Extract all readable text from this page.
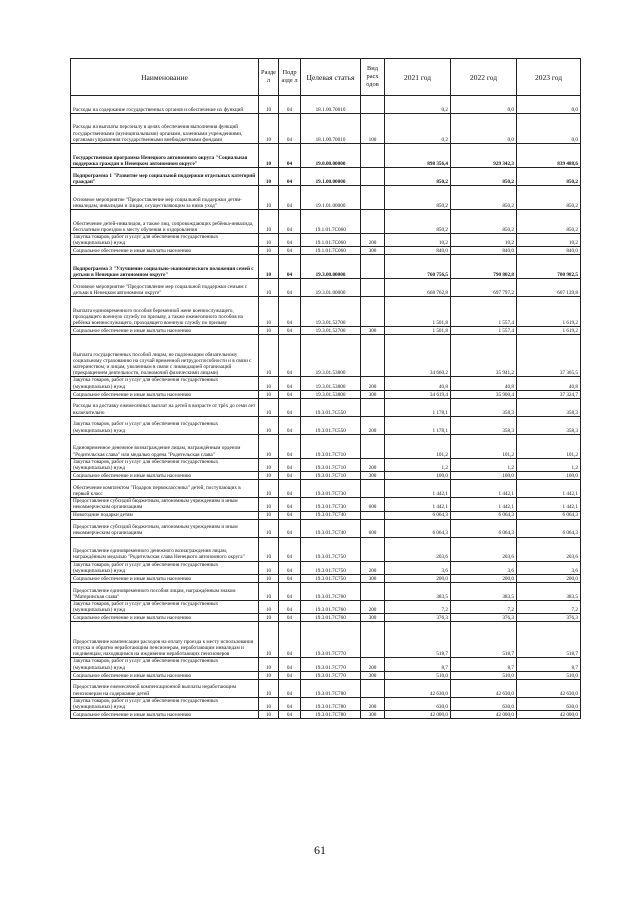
Наименование	Разде л	Подр азде л	Целевая статья	Вид расх одов	2021 год	2022 год	2023 год
Расходы на содержание государственных органов и обеспечение их функций	10	04	18.1.00.70010		0,2	0,0	0,0
Расходы на выплаты персоналу в целях обеспечения выполнения функций государственными (муниципальными) органами, казенными учреждениями, органами управления государственными внебюджетными фондами	10	04	18.1.00.70010	100	0,2	0,0	0,0
Государственная программа Ненецкого автономного округа "Социальная поддержка граждан в Ненецком автономном округе"	10	04	19.0.00.00000		898 356,4	929 342,3	839 488,6
Подпрограмма 1 "Развитие мер социальной поддержки отдельных категорий граждан"	10	04	19.1.00.00000		850,2	850,2	850,2
Основное мероприятие "Предоставление мер социальной поддержки детям-инвалидам, инвалидам и лицам, осуществляющим за ними уход"	10	04	19.1.01.00000		850,2	850,2	850,2
Обеспечение детей-инвалидов, а также лиц, сопровождающих ребёнка-инвалида, бесплатным проездом к месту обучения и оздоровления	10	04	19.1.01.7С060		850,2	850,2	850,2
Закупка товаров, работ и услуг для обеспечения государственных (муниципальных) нужд	10	04	19.1.01.7С060	200	10,2	10,2	10,2
Социальное обеспечение и иные выплаты населению	10	04	19.1.01.7С060	300	840,0	840,0	840,0
Подпрограмма 3 "Улучшение социально-экономического положения семей с детьми в Ненецком автономном округе"	10	04	19.3.00.00000		760 756,5	790 802,8	700 982,5
Основное мероприятие "Предоставление мер социальной поддержки семьям с детьми в Ненецком автономном округе"	10	04	19.3.01.00000		668 762,8	697 797,2	607 139,8
Выплата единовременного пособия беременной жене военнослужащего, проходящего военную службу по призыву, а также ежемесячного пособия на ребёнка военнослужащего, проходящего военную службу по призыву	10	04	19.3.01.52700		1 501,8	1 557,4	1 619,2
Социальное обеспечение и иные выплаты населению	10	04	19.3.01.52700	300	1 501,8	1 557,4	1 619,2
Выплата государственных пособий лицам, не подлежащим обязательному социальному страхованию на случай временной нетрудоспособности и в связи с материнством, и лицам, уволенным в связи с ликвидацией организаций (прекращением деятельности, полномочий физическими лицами)	10	04	19.3.01.53800		34 660,2	35 941,2	37 365,5
Закупка товаров, работ и услуг для обеспечения государственных (муниципальных) нужд	10	04	19.3.01.53800	200	40,8	40,8	40,8
Социальное обеспечение и иные выплаты населению	10	04	19.3.01.53800	300	34 619,4	35 900,4	37 324,7
Расходы на доставку ежемесячных выплат на детей в возрасте от трёх до семи лет включительно	10	04	19.3.01.7С550		1 178,1	358,3	358,3
Закупка товаров, работ и услуг для обеспечения государственных (муниципальных) нужд	10	04	19.3.01.7С550	200	1 178,1	358,3	358,3
Единовременное денежное вознаграждение лицам, награждённым орденом "Родительская слава" или медалью ордена "Родительская слава"	10	04	19.3.01.7С710		101,2	101,2	101,2
Закупка товаров, работ и услуг для обеспечения государственных (муниципальных) нужд	10	04	19.3.01.7С710	200	1,2	1,2	1,2
Социальное обеспечение и иные выплаты населению	10	04	19.3.01.7С710	300	100,0	100,0	100,0
Обеспечение комплектом "Подарок первоклассника" детей, поступающих в первый класс	10	04	19.3.01.7С730		1 442,1	1 442,1	1 442,1
Предоставление субсидий бюджетным, автономным учреждениям и иным некоммерческим организациям	10	04	19.3.01.7С730	600	1 442,1	1 442,1	1 442,1
Новогодние подарки детям	10	04	19.3.01.7С740		6 064,3	6 064,3	6 064,3
Предоставление субсидий бюджетным, автономным учреждениям и иным некоммерческим организациям	10	04	19.3.01.7С740	600	6 064,3	6 064,3	6 064,3
Предоставление единовременного денежного вознаграждения лицам, награждённым медалью "Родительская слава Ненецкого автономного округа"	10	04	19.3.01.7С750		203,6	203,6	203,6
Закупка товаров, работ и услуг для обеспечения государственных (муниципальных) нужд	10	04	19.3.01.7С750	200	3,6	3,6	3,6
Социальное обеспечение и иные выплаты населению	10	04	19.3.01.7С750	300	200,0	200,0	200,0
Предоставление единовременного пособия лицам, награждённым знаком "Материнская слава"	10	04	19.3.01.7С760		383,5	383,5	383,5
Закупка товаров, работ и услуг для обеспечения государственных (муниципальных) нужд	10	04	19.3.01.7С760	200	7,2	7,2	7,2
Социальное обеспечение и иные выплаты населению	10	04	19.3.01.7С760	300	376,3	376,3	376,3
Предоставление компенсации расходов на оплату проезда к месту использования отпуска и обратно неработающим пенсионерам, неработающим инвалидам и иждивенцам, находящимся на иждивении неработающих пенсионеров	10	04	19.3.01.7С770		518,7	518,7	518,7
Закупка товаров, работ и услуг для обеспечения государственных (муниципальных) нужд	10	04	19.3.01.7С770	200	8,7	8,7	8,7
Социальное обеспечение и иные выплаты населению	10	04	19.3.01.7С770	300	510,0	510,0	510,0
Предоставление ежемесячной компенсационной выплаты неработающим пенсионерам на содержание детей	10	04	19.3.01.7С780		42 630,0	42 630,0	42 630,0
Закупка товаров, работ и услуг для обеспечения государственных (муниципальных) нужд	10	04	19.3.01.7С780	200	630,0	630,0	630,0
Социальное обеспечение и иные выплаты населению	10	04	19.3.01.7С780	300	42 000,0	42 000,0	42 000,0
61
